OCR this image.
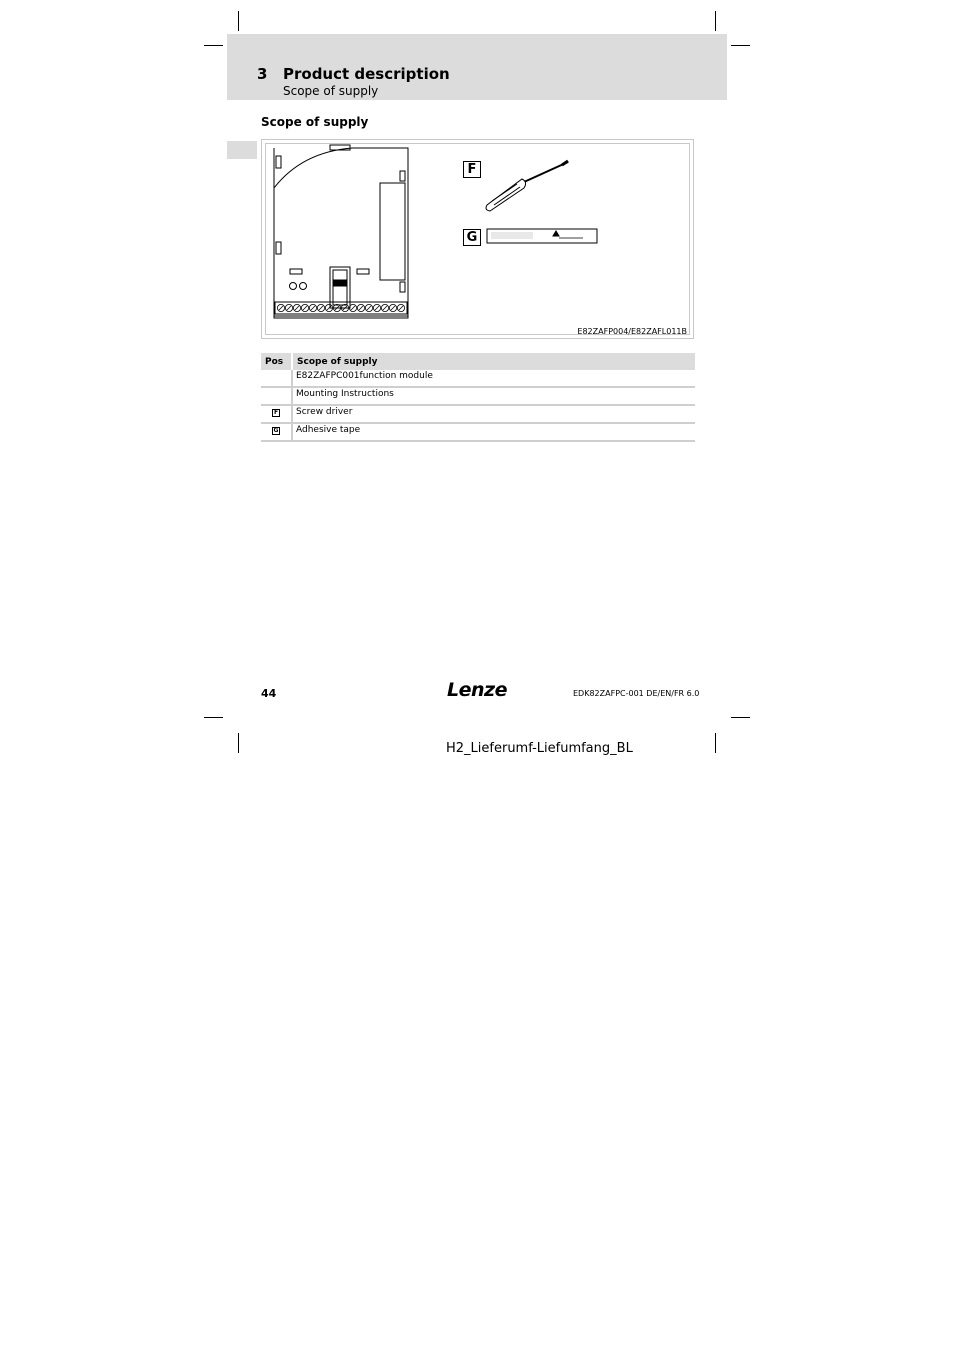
3 Product description
Scope of supply
Scope of supply
F
G
E82ZAFP004/E82ZAFL011B
Pos	Scope of supply
	E82ZAFPC001function module
	Mounting Instructions
F	Screw driver
G	Adhesive tape
44	Lenze	EDK82ZAFPC-001 DE/EN/FR 6.0
H2_Lieferumf-Liefumfang_BL
